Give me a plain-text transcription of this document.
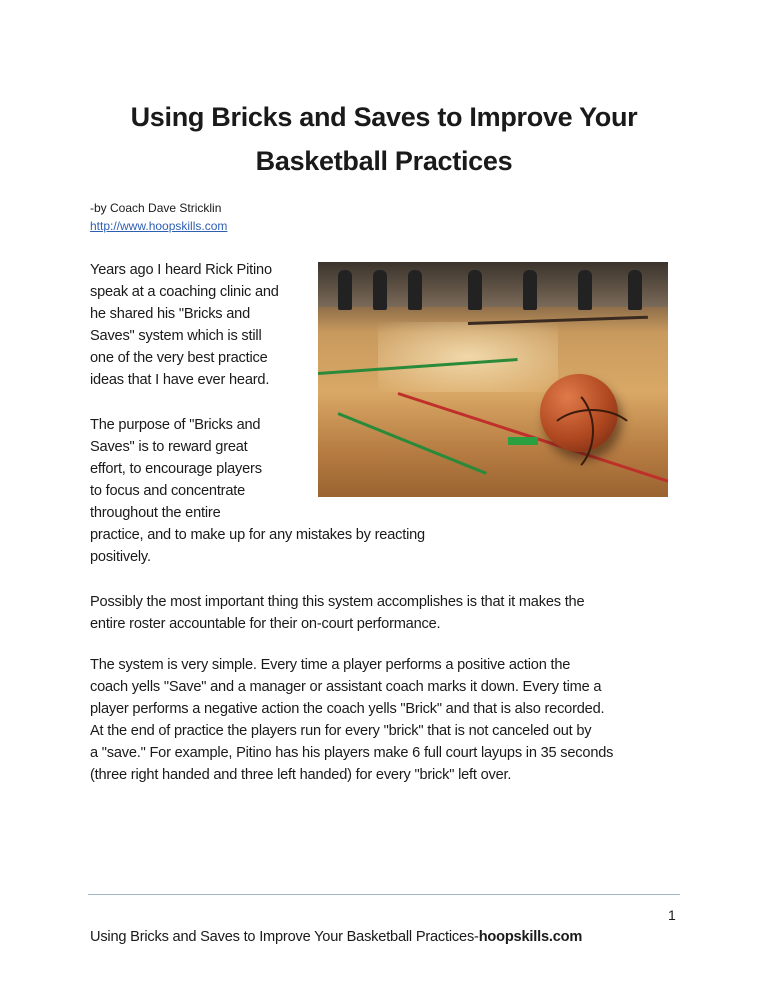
Using Bricks and Saves to Improve Your
Basketball Practices
-by Coach Dave Stricklin
http://www.hoopskills.com
Years ago I heard Rick Pitino
speak at a coaching clinic and
he shared his "Bricks and
Saves" system which is still
one of the very best practice
ideas that I have ever heard.
The purpose of "Bricks and
Saves" is to reward great
effort, to encourage players
to focus and concentrate
throughout the entire
practice, and to make up for any mistakes by reacting
positively.
Possibly the most important thing this system accomplishes is that it makes the
entire roster accountable for their on-court performance.
The system is very simple. Every time a player performs a positive action the
coach yells "Save" and a manager or assistant coach marks it down. Every time a
player performs a negative action the coach yells "Brick" and that is also recorded.
At the end of practice the players run for every "brick" that is not canceled out by
a "save." For example, Pitino has his players make 6 full court layups in 35 seconds
(three right handed and three left handed) for every "brick" left over.
1
Using Bricks and Saves to Improve Your Basketball Practices-hoopskills.com
